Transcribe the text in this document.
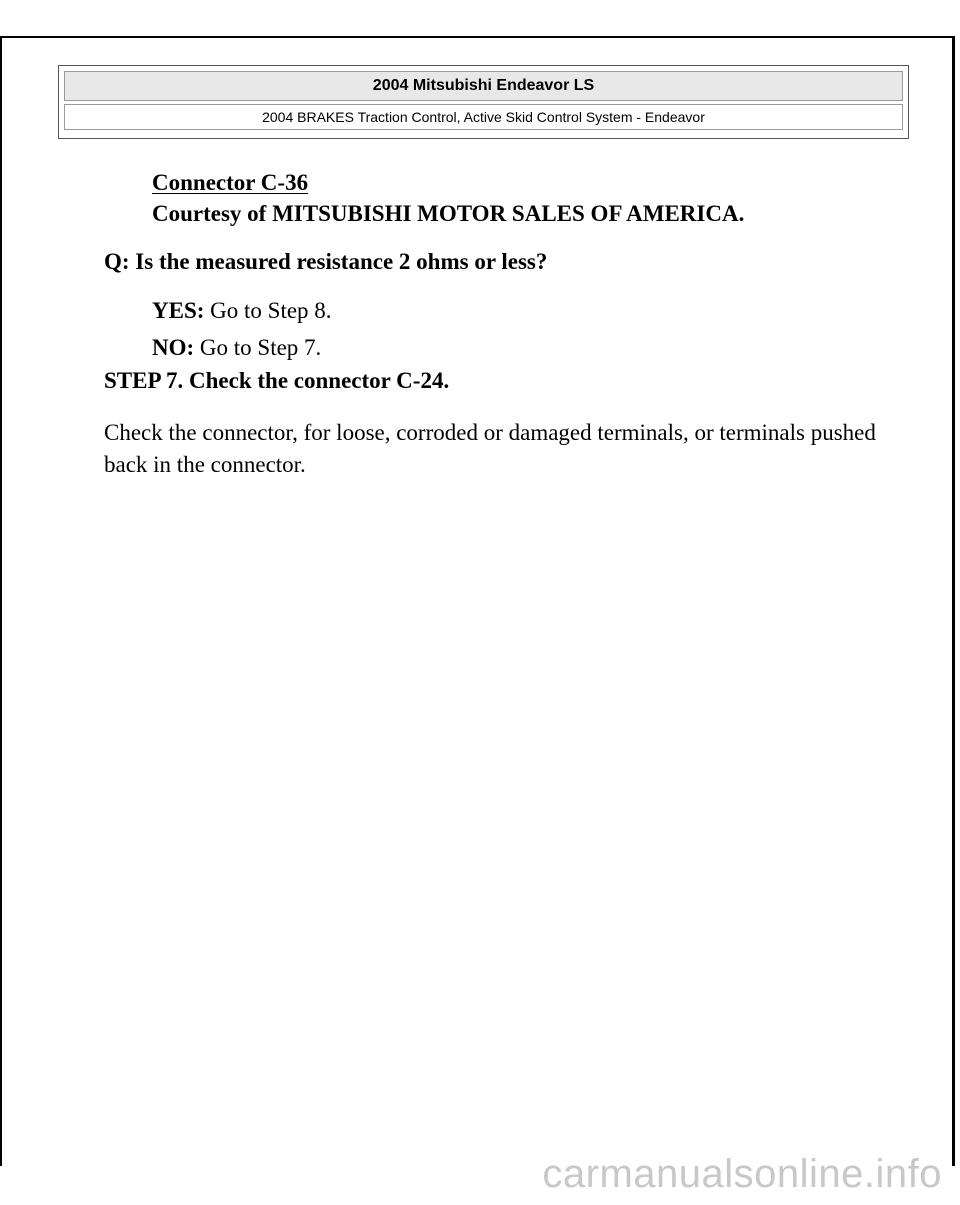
2004 Mitsubishi Endeavor LS
2004 BRAKES Traction Control, Active Skid Control System - Endeavor
Connector C-36
Courtesy of MITSUBISHI MOTOR SALES OF AMERICA.
Q: Is the measured resistance 2 ohms or less?
YES: Go to Step 8.
NO: Go to Step 7.
STEP 7. Check the connector C-24.
Check the connector, for loose, corroded or damaged terminals, or terminals pushed back in the connector.
carmanualsonline.info
